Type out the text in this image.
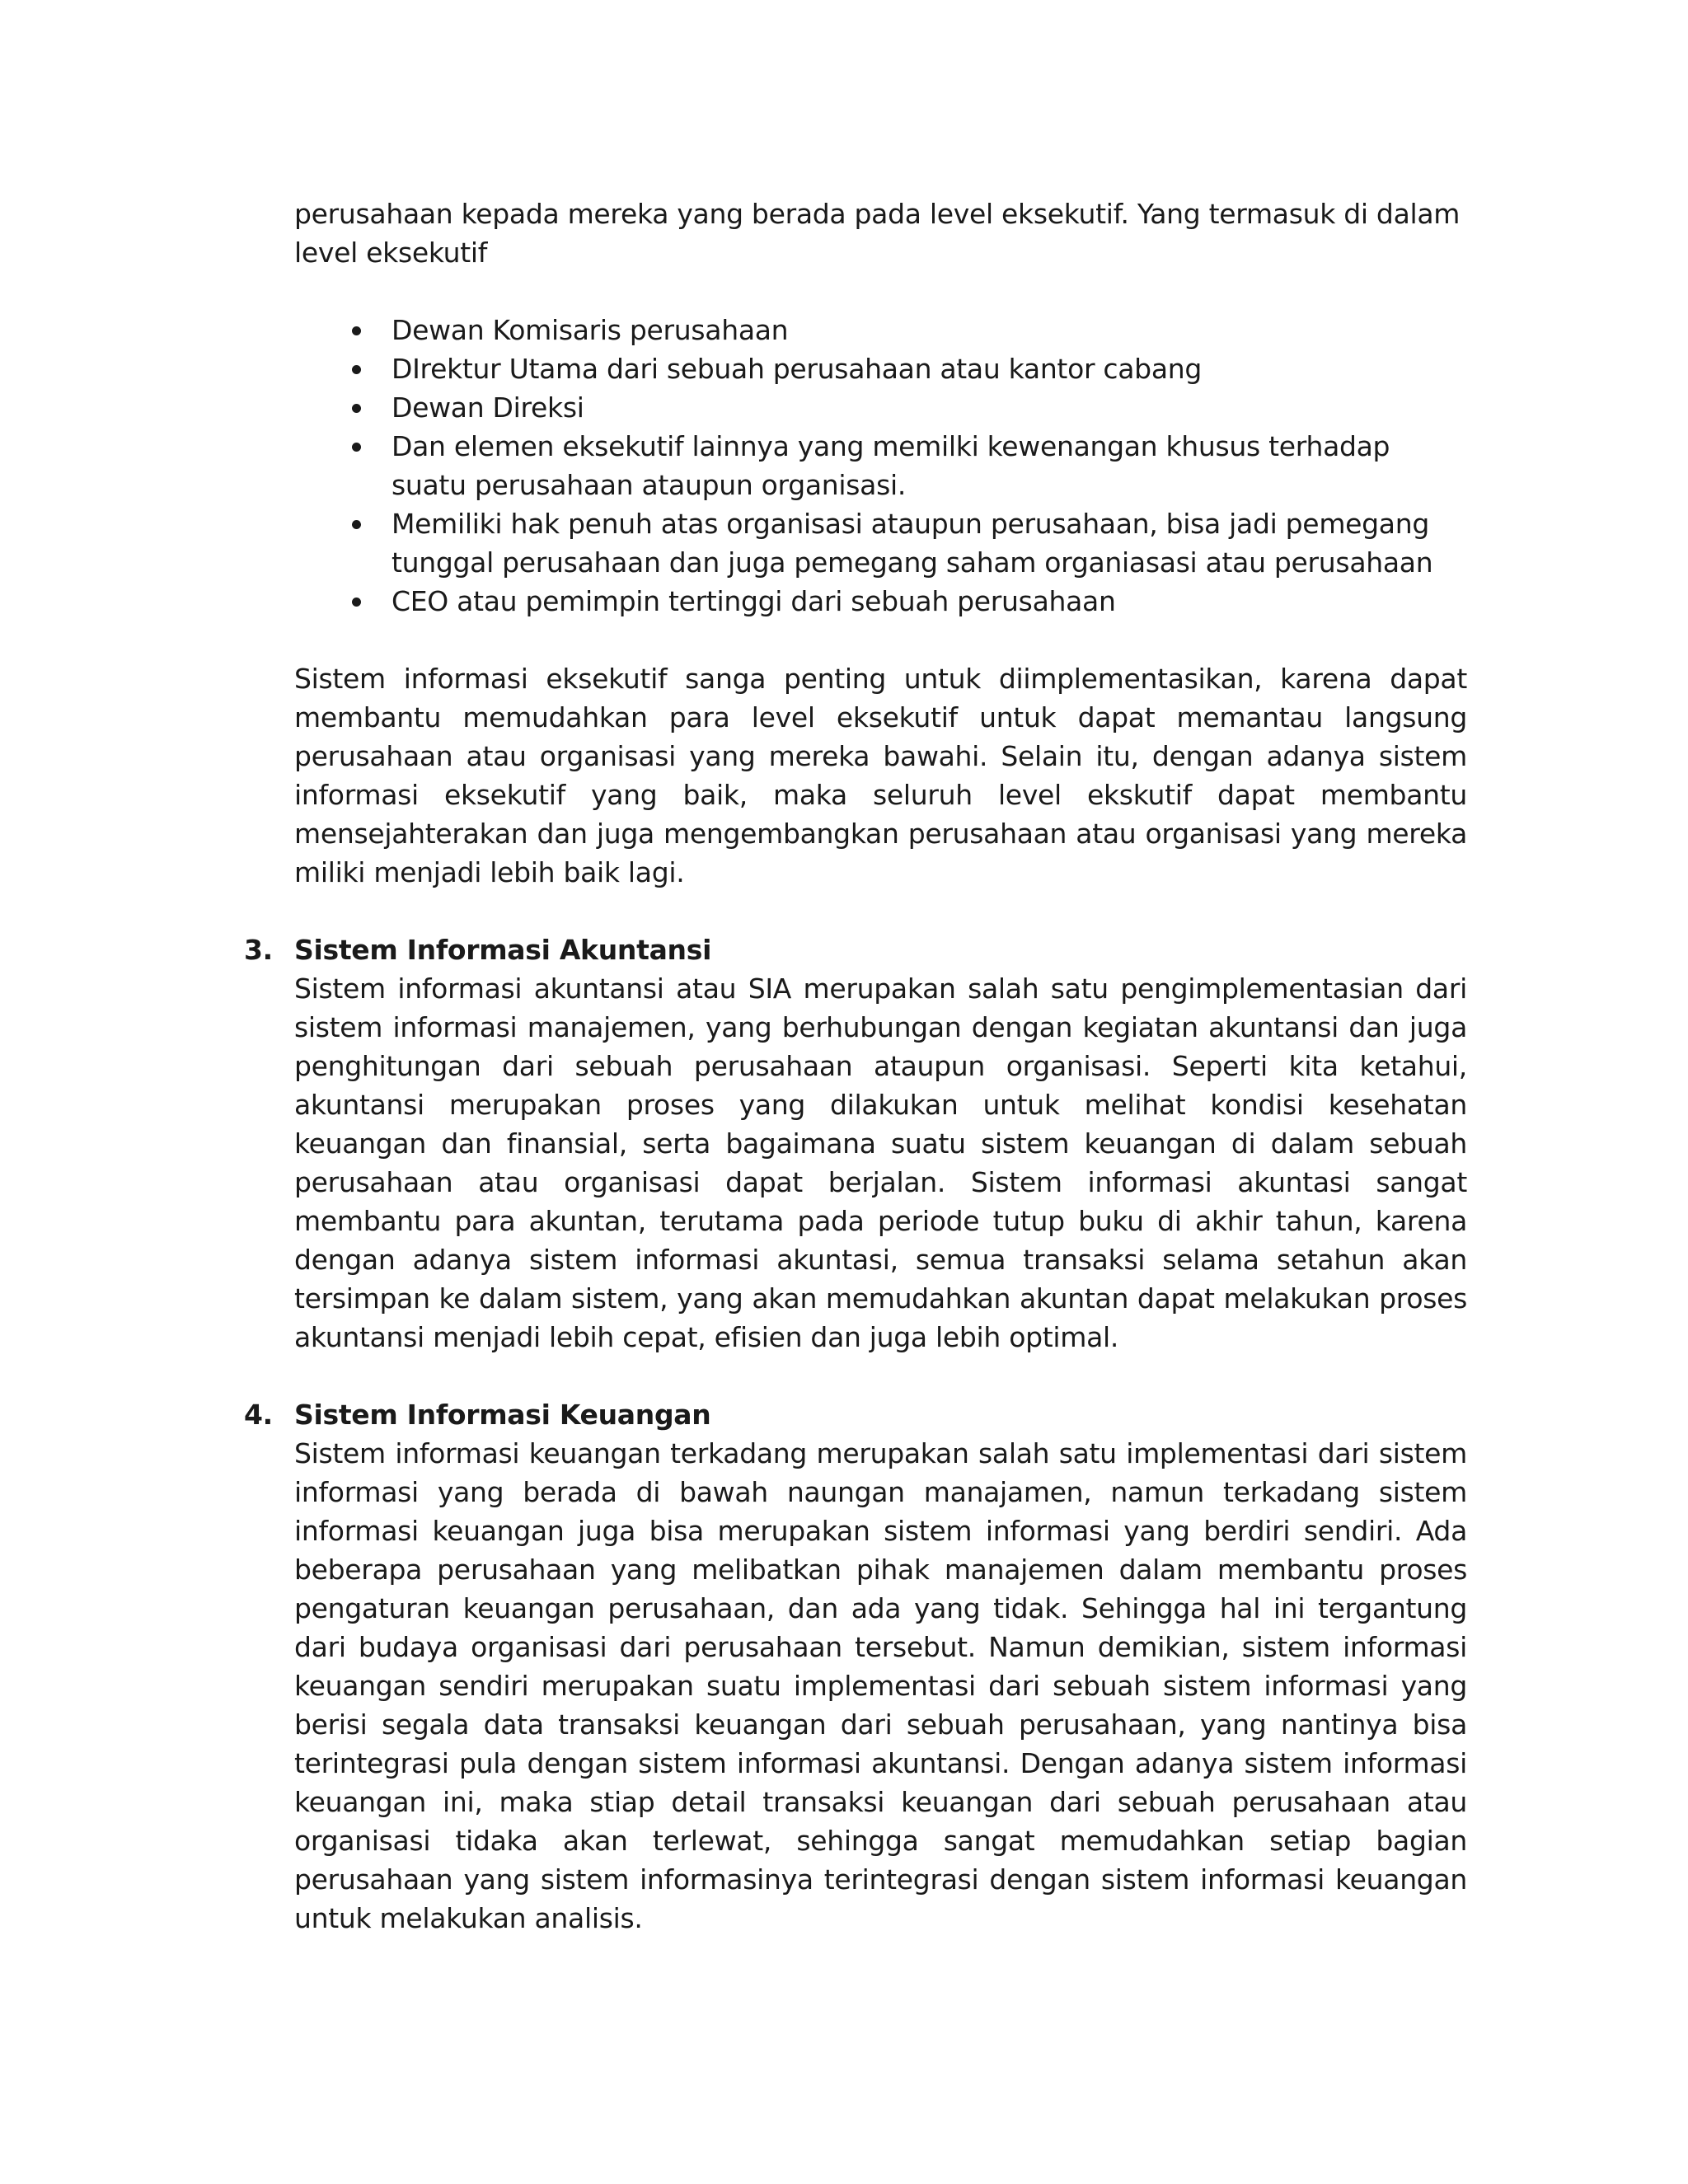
perusahaan kepada mereka yang berada pada level eksekutif. Yang termasuk di dalam level eksekutif

Dewan Komisaris perusahaan
DIrektur Utama dari sebuah perusahaan atau kantor cabang
Dewan Direksi
Dan elemen eksekutif lainnya yang memilki kewenangan khusus terhadap suatu perusahaan ataupun organisasi.
Memiliki hak penuh atas organisasi ataupun perusahaan, bisa jadi pemegang tunggal perusahaan dan juga pemegang saham organiasasi atau perusahaan
CEO atau pemimpin tertinggi dari sebuah perusahaan

Sistem informasi eksekutif sanga penting untuk diimplementasikan, karena dapat membantu memudahkan para level eksekutif untuk dapat memantau langsung perusahaan atau organisasi yang mereka bawahi. Selain itu, dengan adanya sistem informasi eksekutif yang baik, maka seluruh level ekskutif dapat membantu mensejahterakan dan juga mengembangkan perusahaan atau organisasi yang mereka miliki menjadi lebih baik lagi.

3. Sistem Informasi Akuntansi

Sistem informasi akuntansi atau SIA merupakan salah satu pengimplementasian dari sistem informasi manajemen, yang berhubungan dengan kegiatan akuntansi dan juga penghitungan dari sebuah perusahaan ataupun organisasi. Seperti kita ketahui, akuntansi merupakan proses yang dilakukan untuk melihat kondisi kesehatan keuangan dan finansial, serta bagaimana suatu sistem keuangan di dalam sebuah perusahaan atau organisasi dapat berjalan. Sistem informasi akuntasi sangat membantu para akuntan, terutama pada periode tutup buku di akhir tahun, karena dengan adanya sistem informasi akuntasi, semua transaksi selama setahun akan tersimpan ke dalam sistem, yang akan memudahkan akuntan dapat melakukan proses akuntansi menjadi lebih cepat, efisien dan juga lebih optimal.

4. Sistem Informasi Keuangan

Sistem informasi keuangan terkadang merupakan salah satu implementasi dari sistem informasi yang berada di bawah naungan manajamen, namun terkadang sistem informasi keuangan juga bisa merupakan sistem informasi yang berdiri sendiri. Ada beberapa perusahaan yang melibatkan pihak manajemen dalam membantu proses pengaturan keuangan perusahaan, dan ada yang tidak. Sehingga hal ini tergantung dari budaya organisasi dari perusahaan tersebut. Namun demikian, sistem informasi keuangan sendiri merupakan suatu implementasi dari sebuah sistem informasi yang berisi segala data transaksi keuangan dari sebuah perusahaan, yang nantinya bisa terintegrasi pula dengan sistem informasi akuntansi. Dengan adanya sistem informasi keuangan ini, maka stiap detail transaksi keuangan dari sebuah perusahaan atau organisasi tidaka akan terlewat, sehingga sangat memudahkan setiap bagian perusahaan yang sistem informasinya terintegrasi dengan sistem informasi keuangan untuk melakukan analisis.
